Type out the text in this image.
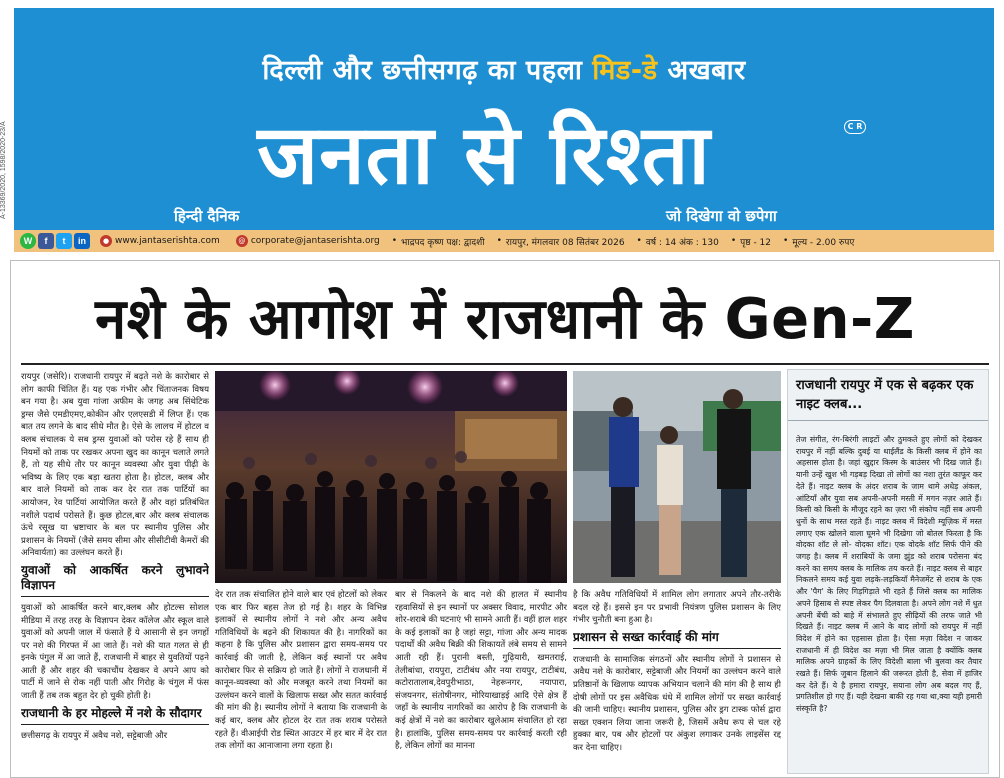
A-13369/2020, 1598/2020-23/A
दिल्ली और छत्तीसगढ़ का पहला मिड-डे अखबार
जनता से रिश्ता	C R
हिन्दी दैनिक	जो दिखेगा वो छपेगा
W	f	t	in	● www.jantaserishta.com	@ corporate@jantaserishta.org • भाद्रपद कृष्ण पक्ष: द्वादशी • रायपुर, मंगलवार 08 सितंबर 2026 • वर्ष : 14 अंक : 130 • पृष्ठ - 12 • मूल्य - 2.00 रुपए
नशे के आगोश में राजधानी के Gen-Z

रायपुर (जसेरि)। राजधानी रायपुर में बढ़ते नशे के कारोबार से लोग काफी चिंतित हैं। यह एक गंभीर और चिंताजनक विषय बन गया है। अब युवा गांजा अफीम के जगह अब सिंथेटिक ड्रग्स जैसे एमडीएमए,कोकीन और एलएसडी में लिप्त हैं। एक बात तय लगने के बाद सीधे मौत है। ऐसे के लालच में होटल व क्लब संचालक ये सब ड्रग्स युवाओं को परोस रहे हैं साथ ही नियमों को ताक पर रखकर अपना खुद का कानून चलाते लगते हैं, तो यह सीधे तौर पर कानून व्यवस्था और युवा पीढ़ी के भविष्य के लिए एक बड़ा खतरा होता है। होटल, क्लब और बार वाले नियमों को ताक कर देर रात तक पार्टियों का आयोजन, रेव पार्टियां आयोजित करते हैं और वहां प्रतिबंधित नशीले पदार्थ परोसते हैं। कुछ होटल,बार और क्लब संचालक ऊंचे रसूख या भ्रष्टाचार के बल पर स्थानीय पुलिस और प्रशासन के नियमों (जैसे समय सीमा और सीसीटीवी कैमरों की अनिवार्यता) का उल्लंघन करते हैं।

युवाओं को आकर्षित करने लुभावने विज्ञापन

युवाओं को आकर्षित करने बार,क्लब और होटल्स सोशल मीडिया में तरह तरह के विज्ञापन देकर कॉलेज और स्कूल वाले युवाओं को अपनी जाल में फंसाते हैं ये आसानी से इन जगहों पर नशे की गिरफ्त में आ जाते हैं। नशे की यात गलत से ही इनके पंगुल में आ जाते हैं, राजधानी में बाहर से युवतियों पढ़ने आती हैं और शहर की चकाचौंध देखकर वे अपने आप को पार्टी में जाने से रोक नहीं पाती और गिरोह के चंगुल में फंस जाती हैं तब तक बहुत देर हो चुकी होती है।

राजधानी के हर मोहल्ले में नशे के सौदागर

छत्तीसगढ़ के रायपुर में अवैध नशे, सट्टेबाजी और

देर रात तक संचालित होने वाले बार एवं होटलों को लेकर एक बार फिर बहस तेज हो गई है। शहर के विभिन्न इलाकों से स्थानीय लोगों ने नशे और अन्य अवैध गतिविधियों के बढ़ने की शिकायत की है। नागरिकों का कहना है कि पुलिस और प्रशासन द्वारा समय-समय पर कार्रवाई की जाती है, लेकिन कई स्थानों पर अवैध कारोबार फिर से सक्रिय हो जाते हैं। लोगों ने राजधानी में कानून-व्यवस्था को और मजबूत करने तथा नियमों का उल्लंघन करने वालों के खिलाफ सख्त और सतत कार्रवाई की मांग की है। स्थानीय लोगों ने बताया कि राजधानी के कई बार, क्लब और होटल देर रात तक शराब परोसते रहते हैं। वीआईपी रोड स्थित आउटर में हर बार में देर रात तक लोगों का आनाजाना लगा रहता है।

बार से निकलने के बाद नशे की हालत में स्थानीय रहवासियों से इन स्थानों पर अक्सर विवाद, मारपीट और शोर-शराबे की घटनाएं भी सामने आती हैं। वहीं हाल शहर के कई इलाकों का है जहां सट्टा, गांजा और अन्य मादक पदार्थों की अवैध बिक्री की शिकायतें लंबे समय से सामने आती रही हैं। पुरानी बस्ती, गुढ़ियारी, खमतराई, तेलीबांधा, रायपुरा, टाटीबंध और नया रायपुर, टाटीबंध, कटोरातालाब,देवपुरीभाठा, नेहरूनगर, नयापारा, संजयनगर, संतोषीनगर, मोरियाखाड़ई आदि ऐसे क्षेत्र हैं जहाँ के स्थानीय नागरिकों का आरोप है कि राजधानी के कई क्षेत्रों में नशे का कारोबार खुलेआम संचालित हो रहा है। हालांकि, पुलिस समय-समय पर कार्रवाई करती रही है, लेकिन लोगों का मानना

है कि अवैध गतिविधियों में शामिल लोग लगातार अपने तौर-तरीके बदल रहे हैं। इससे इन पर प्रभावी नियंत्रण पुलिस प्रशासन के लिए गंभीर चुनौती बना हुआ है।

प्रशासन से सख्त कार्रवाई की मांग

राजधानी के सामाजिक संगठनों और स्थानीय लोगों ने प्रशासन से अवैध नशे के कारोबार, सट्टेबाजी और नियमों का उल्लंघन करने वाले प्रतिष्ठानों के खिलाफ व्यापक अभियान चलाने की मांग की है साथ ही दोषी लोगों पर इस अवैधिक धंधे में शामिल लोगों पर सख्त कार्रवाई की जानी चाहिए। स्थानीय प्रशासन, पुलिस और ड्रग टास्क फोर्स द्वारा सख्त एक्शन लिया जाना जरूरी है, जिसमें अवैध रूप से चल रहे हुक्का बार, पब और होटलों पर अंकुश लगाकर उनके लाइसेंस रद्द कर देना चाहिए।

राजधानी रायपुर में एक से बढ़कर एक नाइट क्लब...
तेज संगीत, रंग-बिरंगी लाइटों और ठुमकते हुए लोगों को देखकर रायपुर में नहीं बल्कि दुबई या थाईलैंड के किसी क्लब में होने का अहसास होता है। जहां खुद्दार किस्म के बाउंसर भी दिख जाते हैं। यानी उन्हें खुश भी गड़बड़ दिखा तो लोगों का नशा तुरंत काफूर कर देते हैं। नाइट क्लब के अंदर शराब के जाम थामे अधेड़ अंकल, आंटियाँ और युवा सब अपनी-अपनी मस्ती में मगन नज़र आते हैं। किसी को किसी के मौजूद रहने का ज़रा भी संकोच नहीं सब अपनी धुनों के साथ मस्त रहते हैं। नाइट क्लब में विदेशी म्यूज़िक में मस्त लगाए एक खोलने वाला घूमने भी दिखेगा जो बोतल फिरता है कि वोदका शॉट ले लो- वोदका शॉट। एक वोदके शॉट सिर्फ पीने की जगह है। क्लब में शराबियों के जमा झुंड को शराब परोसना बंद करने का समय क्लब के मालिक तय करते हैं। नाइट क्लब से बाहर निकलने समय कई युवा लड़के-लड़कियाँ मैनेजमेंट से शराब के एक और 'पैग' के लिए गिड़गिड़ाते भी रहते हैं जिसे क्लब का मालिक अपने हिसाब से स्पष्ट लेकर पैग दिलवाता है। अपने लोग नशे में धुत अपनी बेंची को बाहे में संभालते हुए सीढ़ियों की तरफ जाते भी दिखते हैं। नाइट क्लब में आने के बाद लोगों को रायपुर में नहीं विदेश में होने का एहसास होता है। ऐसा मज़ा विदेश न जाकर राजधानी में ही विदेश का मज़ा भी मिल जाता है क्योंकि क्लब मालिक अपने ग्राहकों के लिए विदेशी बाला भी बुलवा कर तैयार रखते हैं। सिर्फ जुबान हिलाने की जरूरत होती है, सेवा में हाजिर कर देते हैं। ये है हमारा रायपुर, सयाना लोग अब बदल गए हैं, प्रगतिशील हो गए हैं। यही देखना बाकी रह गया था,क्या यही हमारी संस्कृति है?
